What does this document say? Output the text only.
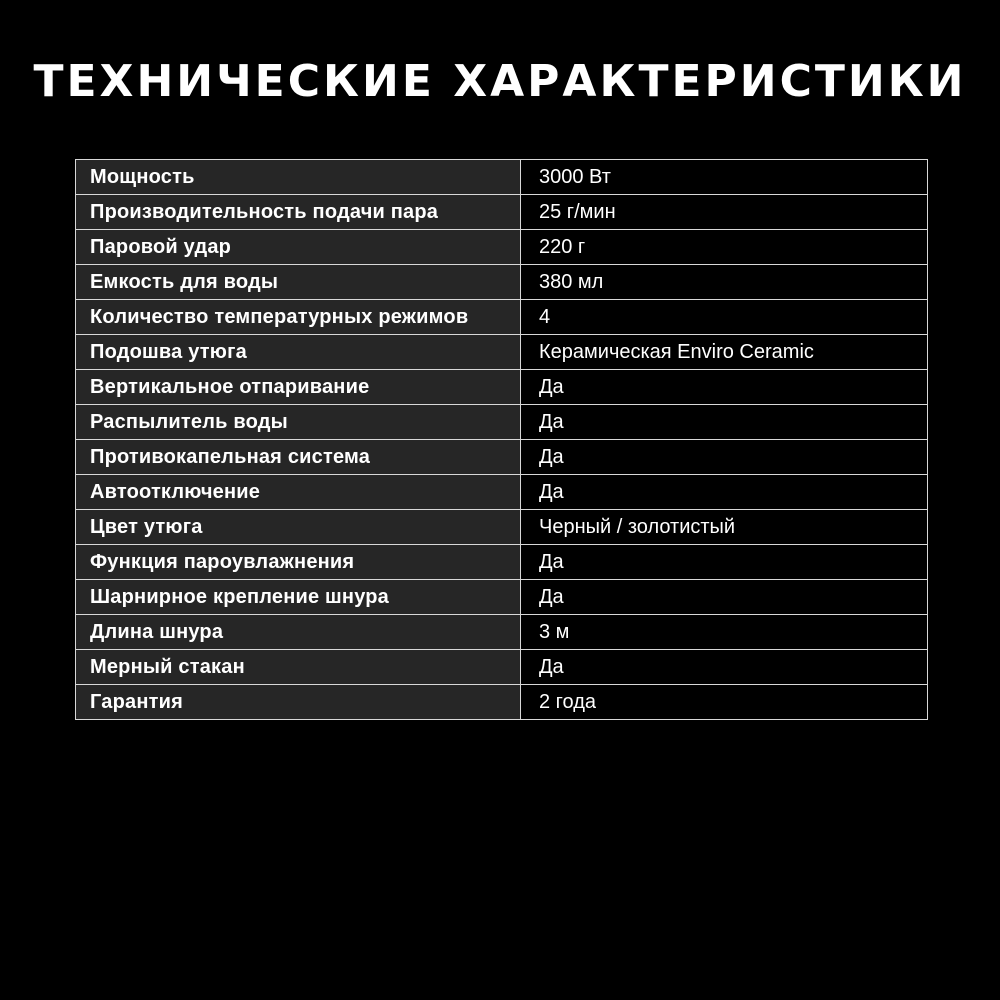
ТЕХНИЧЕСКИЕ ХАРАКТЕРИСТИКИ
Мощность	3000 Вт
Производительность подачи пара	25 г/мин
Паровой удар	220 г
Емкость для воды	380 мл
Количество температурных режимов	4
Подошва утюга	Керамическая Enviro Ceramic
Вертикальное отпаривание	Да
Распылитель воды	Да
Противокапельная система	Да
Автоотключение	Да
Цвет утюга	Черный / золотистый
Функция пароувлажнения	Да
Шарнирное крепление шнура	Да
Длина шнура	3 м
Мерный стакан	Да
Гарантия	2 года
